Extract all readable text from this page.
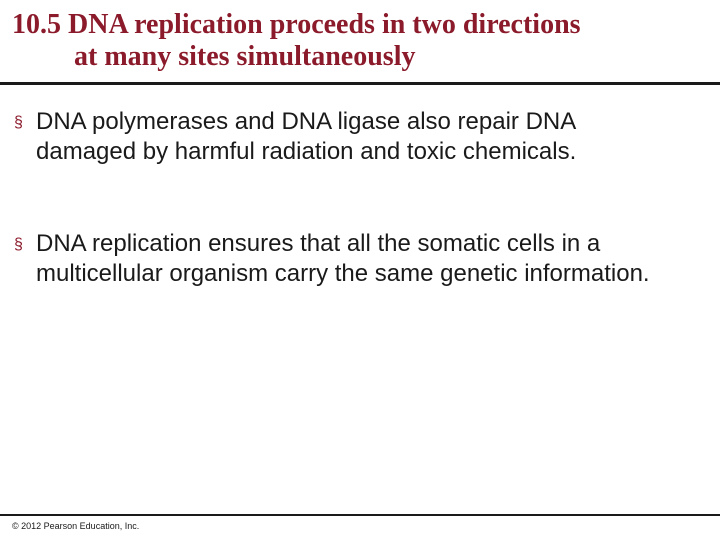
10.5 DNA replication proceeds in two directions
at many sites simultaneously
§ DNA polymerases and DNA ligase also repair DNA damaged by harmful radiation and toxic chemicals.
§ DNA replication ensures that all the somatic cells in a multicellular organism carry the same genetic information.
© 2012 Pearson Education, Inc.
